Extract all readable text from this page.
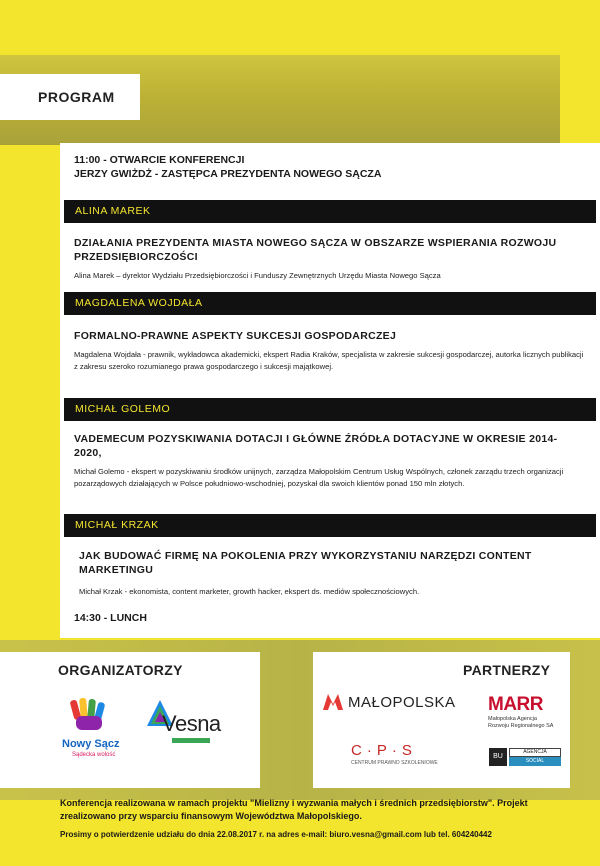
PROGRAM
11:00 - OTWARCIE KONFERENCJI
JERZY GWIŻDŻ - ZASTĘPCA PREZYDENTA NOWEGO SĄCZA
ALINA MAREK
DZIAŁANIA PREZYDENTA MIASTA NOWEGO SĄCZA W OBSZARZE WSPIERANIA ROZWOJU PRZEDSIĘBIORCZOŚCI
Alina Marek – dyrektor Wydziału Przedsiębiorczości i Funduszy Zewnętrznych Urzędu Miasta Nowego Sącza
MAGDALENA WOJDAŁA
FORMALNO-PRAWNE ASPEKTY SUKCESJI GOSPODARCZEJ
Magdalena Wojdała - prawnik, wykładowca akademicki, ekspert Radia Kraków, specjalista w zakresie sukcesji gospodarczej, autorka licznych publikacji z zakresu szeroko rozumianego prawa gospodarczego i sukcesji majątkowej.
MICHAŁ GOLEMO
VADEMECUM POZYSKIWANIA DOTACJI I GŁÓWNE ŹRÓDŁA DOTACYJNE W OKRESIE 2014-2020,
Michał Golemo - ekspert w pozyskiwaniu środków unijnych, zarządza Małopolskim Centrum Usług Wspólnych, członek zarządu trzech organizacji pozarządowych działających w Polsce południowo-wschodniej, pozyskał dla swoich klientów ponad 150 mln złotych.
MICHAŁ KRZAK
JAK BUDOWAĆ FIRMĘ NA POKOLENIA PRZY WYKORZYSTANIU NARZĘDZI CONTENT MARKETINGU
Michał Krzak - ekonomista, content marketer, growth hacker, ekspert ds. mediów społecznościowych.
14:30 - LUNCH
ORGANIZATORZY
Nowy Sącz
Sądecka wolość
Vesna
PARTNERZY
MAŁOPOLSKA MARR
Małopolska Agencja
Rozwoju Regionalnego SA
C·P·S
CENTRUM PRAWNO SZKOLENIOWE
BU
AGENCJA
SOCIAL
Konferencja realizowana w ramach projektu "Mielizny i wyzwania małych i średnich przedsiębiorstw". Projekt zrealizowano przy wsparciu finansowym Województwa Małopolskiego.
Prosimy o potwierdzenie udziału do dnia 22.08.2017 r. na adres e-mail: biuro.vesna@gmail.com lub tel. 604240442
